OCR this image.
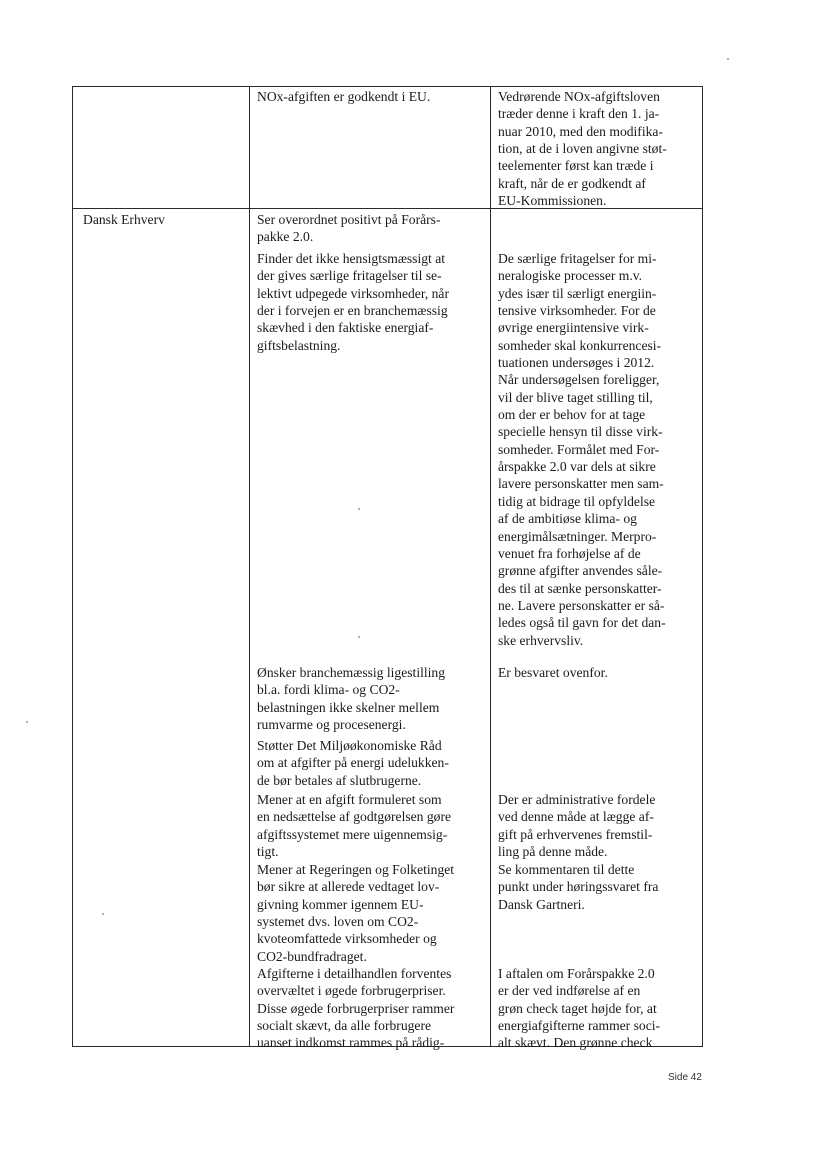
NOx-afgiften er godkendt i EU.	Vedrørende NOx-afgiftsloven
træder denne i kraft den 1. ja-
nuar 2010, med den modifika-
tion, at de i loven angivne støt-
teelementer først kan træde i
kraft, når de er godkendt af
EU-Kommissionen.
Dansk Erhverv	Ser overordnet positivt på Forårs-
pakke 2.0.
Finder det ikke hensigtsmæssigt at
der gives særlige fritagelser til se-
lektivt udpegede virksomheder, når
der i forvejen er en branchemæssig
skævhed i den faktiske energiaf-
giftsbelastning.
De særlige fritagelser for mi-
neralogiske processer m.v.
ydes især til særligt energiin-
tensive virksomheder. For de
øvrige energiintensive virk-
somheder skal konkurrencesi-
tuationen undersøges i 2012.
Når undersøgelsen foreligger,
vil der blive taget stilling til,
om der er behov for at tage
specielle hensyn til disse virk-
somheder. Formålet med For-
årspakke 2.0 var dels at sikre
lavere personskatter men sam-
tidig at bidrage til opfyldelse
af de ambitiøse klima- og
energimålsætninger. Merpro-
venuet fra forhøjelse af de
grønne afgifter anvendes såle-
des til at sænke personskatter-
ne. Lavere personskatter er så-
ledes også til gavn for det dan-
ske erhvervsliv.
Ønsker branchemæssig ligestilling
bl.a. fordi klima- og CO2-
belastningen ikke skelner mellem
rumvarme og procesenergi.
Er besvaret ovenfor.
Støtter Det Miljøøkonomiske Råd
om at afgifter på energi udelukken-
de bør betales af slutbrugerne.
Mener at en afgift formuleret som
en nedsættelse af godtgørelsen gøre
afgiftssystemet mere uigennemsig-
tigt.
Der er administrative fordele
ved denne måde at lægge af-
gift på erhvervenes fremstil-
ling på denne måde.
Mener at Regeringen og Folketinget
bør sikre at allerede vedtaget lov-
givning kommer igennem EU-
systemet dvs. loven om CO2-
kvoteomfattede virksomheder og
CO2-bundfradraget.
Se kommentaren til dette
punkt under høringssvaret fra
Dansk Gartneri.
Afgifterne i detailhandlen forventes
overvæltet i øgede forbrugerpriser.
Disse øgede forbrugerpriser rammer
socialt skævt, da alle forbrugere
uanset indkomst rammes på rådig-
I aftalen om Forårspakke 2.0
er der ved indførelse af en
grøn check taget højde for, at
energiafgifterne rammer soci-
alt skævt. Den grønne check
Side 42
